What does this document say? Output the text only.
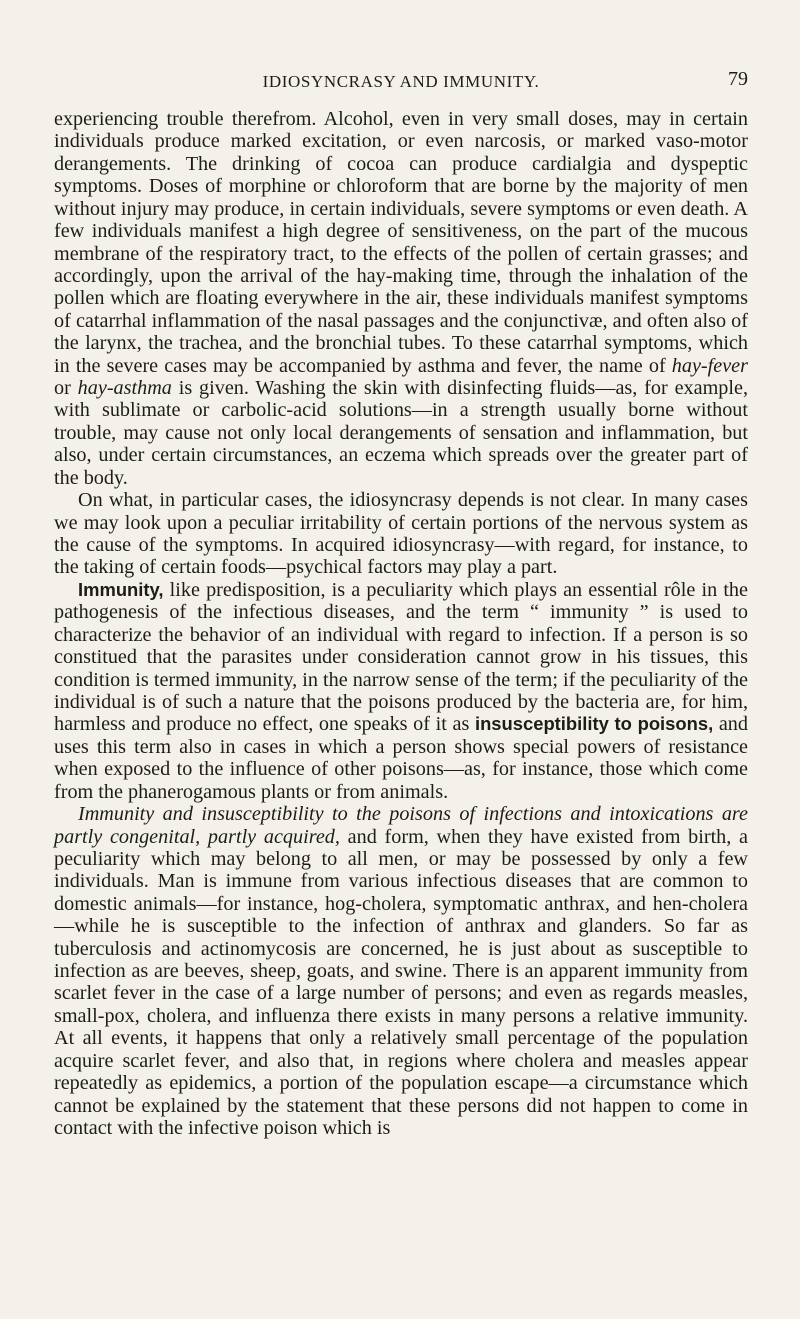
IDIOSYNCRASY AND IMMUNITY.	79

experiencing trouble therefrom. Alcohol, even in very small doses, may in certain individuals produce marked excitation, or even narcosis, or marked vaso-motor derangements. The drinking of cocoa can produce cardialgia and dyspeptic symptoms. Doses of morphine or chloroform that are borne by the majority of men without injury may produce, in certain individuals, severe symptoms or even death. A few individuals manifest a high degree of sensitiveness, on the part of the mucous membrane of the respiratory tract, to the effects of the pollen of certain grasses; and accordingly, upon the arrival of the hay-making time, through the inhalation of the pollen which are floating everywhere in the air, these individuals manifest symptoms of catarrhal inflammation of the nasal passages and the conjunctivæ, and often also of the larynx, the trachea, and the bronchial tubes. To these catarrhal symptoms, which in the severe cases may be accompanied by asthma and fever, the name of hay-fever or hay-asthma is given. Washing the skin with disinfecting fluids—as, for example, with sublimate or carbolic-acid solutions—in a strength usually borne without trouble, may cause not only local derangements of sensation and inflammation, but also, under certain circumstances, an eczema which spreads over the greater part of the body.

On what, in particular cases, the idiosyncrasy depends is not clear. In many cases we may look upon a peculiar irritability of certain portions of the nervous system as the cause of the symptoms. In acquired idiosyncrasy—with regard, for instance, to the taking of certain foods—psychical factors may play a part.

Immunity, like predisposition, is a peculiarity which plays an essential rôle in the pathogenesis of the infectious diseases, and the term “ immunity ” is used to characterize the behavior of an individual with regard to infection. If a person is so constitued that the parasites under consideration cannot grow in his tissues, this condition is termed immunity, in the narrow sense of the term; if the peculiarity of the individual is of such a nature that the poisons produced by the bacteria are, for him, harmless and produce no effect, one speaks of it as insusceptibility to poisons, and uses this term also in cases in which a person shows special powers of resistance when exposed to the influence of other poisons—as, for instance, those which come from the phanerogamous plants or from animals.

Immunity and insusceptibility to the poisons of infections and intoxications are partly congenital, partly acquired, and form, when they have existed from birth, a peculiarity which may belong to all men, or may be possessed by only a few individuals. Man is immune from various infectious diseases that are common to domestic animals—for instance, hog-cholera, symptomatic anthrax, and hen-cholera—while he is susceptible to the infection of anthrax and glanders. So far as tuberculosis and actinomycosis are concerned, he is just about as susceptible to infection as are beeves, sheep, goats, and swine. There is an apparent immunity from scarlet fever in the case of a large number of persons; and even as regards measles, small-pox, cholera, and influenza there exists in many persons a relative immunity. At all events, it happens that only a relatively small percentage of the population acquire scarlet fever, and also that, in regions where cholera and measles appear repeatedly as epidemics, a portion of the population escape—a circumstance which cannot be explained by the statement that these persons did not happen to come in contact with the infective poison which is
